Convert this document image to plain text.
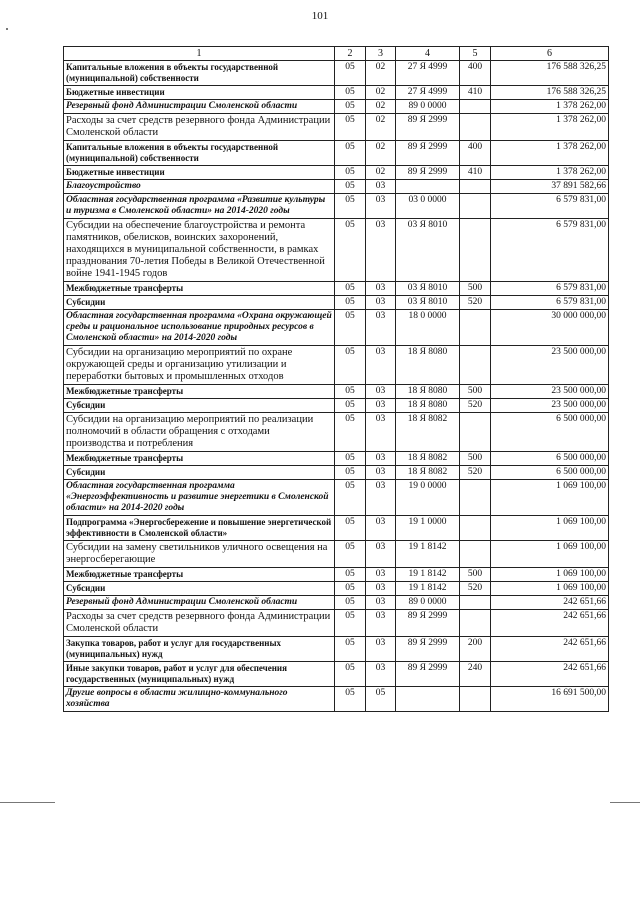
101
1	2	3	4	5	6
Капитальные вложения в объекты государственной (муниципальной) собственности	05	02	27 Я 4999	400	176 588 326,25
Бюджетные инвестиции	05	02	27 Я 4999	410	176 588 326,25
Резервный фонд Администрации Смоленской области	05	02	89 0 0000		1 378 262,00
Расходы за счет средств резервного фонда Администрации Смоленской области	05	02	89 Я 2999		1 378 262,00
Капитальные вложения в объекты государственной (муниципальной) собственности	05	02	89 Я 2999	400	1 378 262,00
Бюджетные инвестиции	05	02	89 Я 2999	410	1 378 262,00
Благоустройство	05	03			37 891 582,66
Областная государственная программа «Развитие культуры и туризма в Смоленской области» на 2014-2020 годы	05	03	03 0 0000		6 579 831,00
Субсидии на обеспечение благоустройства и ремонта памятников, обелисков, воинских захоронений, находящихся в муниципальной собственности, в рамках празднования 70-летия Победы в Великой Отечественной войне 1941-1945 годов	05	03	03 Я 8010		6 579 831,00
Межбюджетные трансферты	05	03	03 Я 8010	500	6 579 831,00
Субсидии	05	03	03 Я 8010	520	6 579 831,00
Областная государственная программа «Охрана окружающей среды и рациональное использование природных ресурсов в Смоленской области» на 2014-2020 годы	05	03	18 0 0000		30 000 000,00
Субсидии на организацию мероприятий по охране окружающей среды и организацию утилизации и переработки бытовых и промышленных отходов	05	03	18 Я 8080		23 500 000,00
Межбюджетные трансферты	05	03	18 Я 8080	500	23 500 000,00
Субсидии	05	03	18 Я 8080	520	23 500 000,00
Субсидии на организацию мероприятий по реализации полномочий в области обращения с отходами производства и потребления	05	03	18 Я 8082		6 500 000,00
Межбюджетные трансферты	05	03	18 Я 8082	500	6 500 000,00
Субсидии	05	03	18 Я 8082	520	6 500 000,00
Областная государственная программа «Энергоэффективность и развитие энергетики в Смоленской области» на 2014-2020 годы	05	03	19 0 0000		1 069 100,00
Подпрограмма «Энергосбережение и повышение энергетической эффективности в Смоленской области»	05	03	19 1 0000		1 069 100,00
Субсидии на замену светильников уличного освещения на энергосберегающие	05	03	19 1 8142		1 069 100,00
Межбюджетные трансферты	05	03	19 1 8142	500	1 069 100,00
Субсидии	05	03	19 1 8142	520	1 069 100,00
Резервный фонд Администрации Смоленской области	05	03	89 0 0000		242 651,66
Расходы за счет средств резервного фонда Администрации Смоленской области	05	03	89 Я 2999		242 651,66
Закупка товаров, работ и услуг для государственных (муниципальных) нужд	05	03	89 Я 2999	200	242 651,66
Иные закупки товаров, работ и услуг для обеспечения государственных (муниципальных) нужд	05	03	89 Я 2999	240	242 651,66
Другие вопросы в области жилищно-коммунального хозяйства	05	05			16 691 500,00
